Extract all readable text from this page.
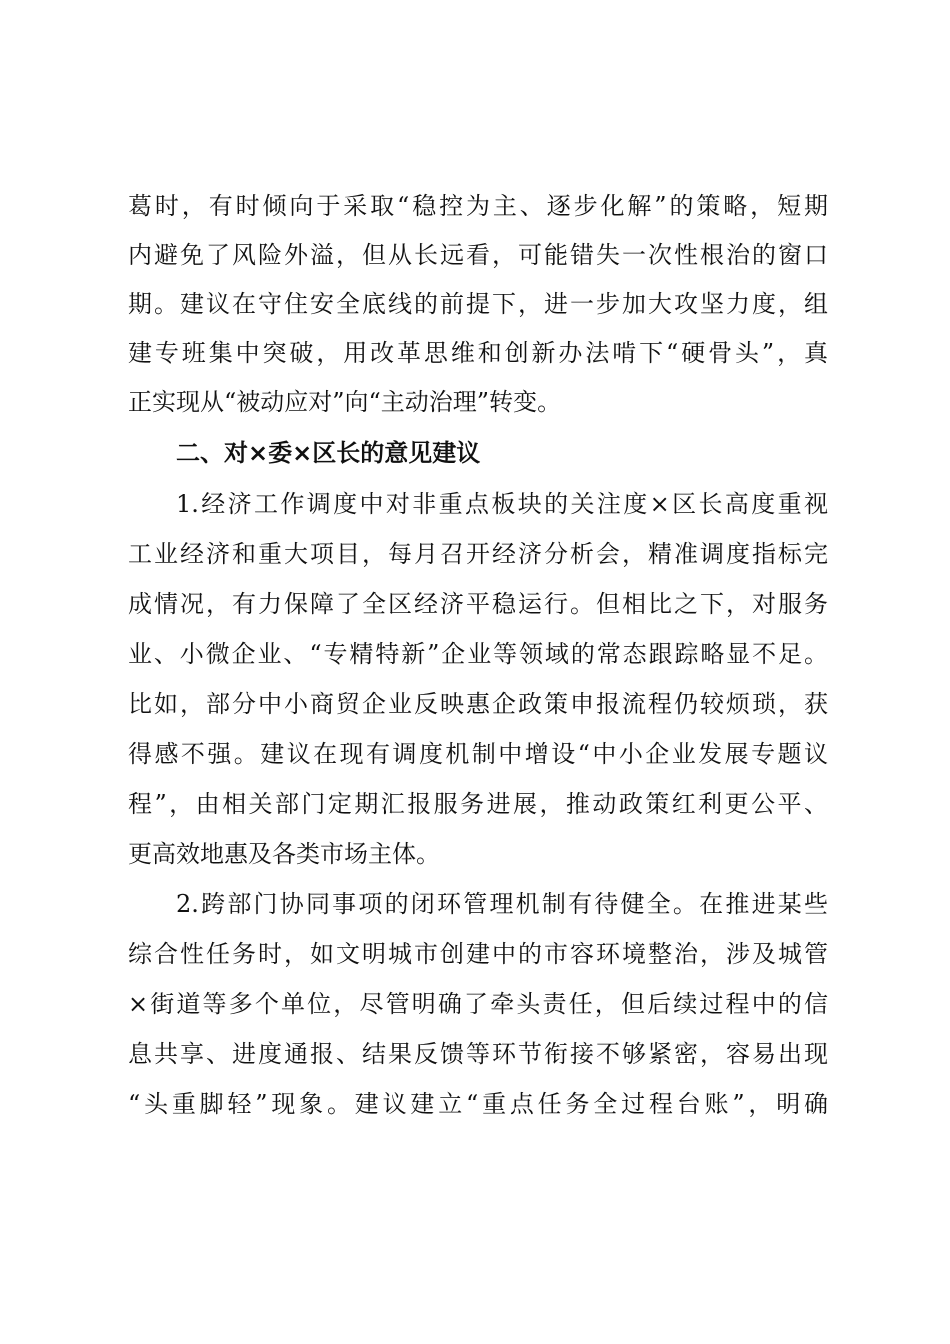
葛时，有时倾向于采取“稳控为主、逐步化解”的策略，短期
内避免了风险外溢，但从长远看，可能错失一次性根治的窗口
期。建议在守住安全底线的前提下，进一步加大攻坚力度，组
建专班集中突破，用改革思维和创新办法啃下“硬骨头”，真
正实现从“被动应对”向“主动治理”转变。
二、对×委×区长的意见建议
1.经济工作调度中对非重点板块的关注度×区长高度重视
工业经济和重大项目，每月召开经济分析会，精准调度指标完
成情况，有力保障了全区经济平稳运行。但相比之下，对服务
业、小微企业、“专精特新”企业等领域的常态跟踪略显不足。
比如，部分中小商贸企业反映惠企政策申报流程仍较烦琐，获
得感不强。建议在现有调度机制中增设“中小企业发展专题议
程”，由相关部门定期汇报服务进展，推动政策红利更公平、
更高效地惠及各类市场主体。
2.跨部门协同事项的闭环管理机制有待健全。在推进某些
综合性任务时，如文明城市创建中的市容环境整治，涉及城管
×街道等多个单位，尽管明确了牵头责任，但后续过程中的信
息共享、进度通报、结果反馈等环节衔接不够紧密，容易出现
“头重脚轻”现象。建议建立“重点任务全过程台账”，明确
